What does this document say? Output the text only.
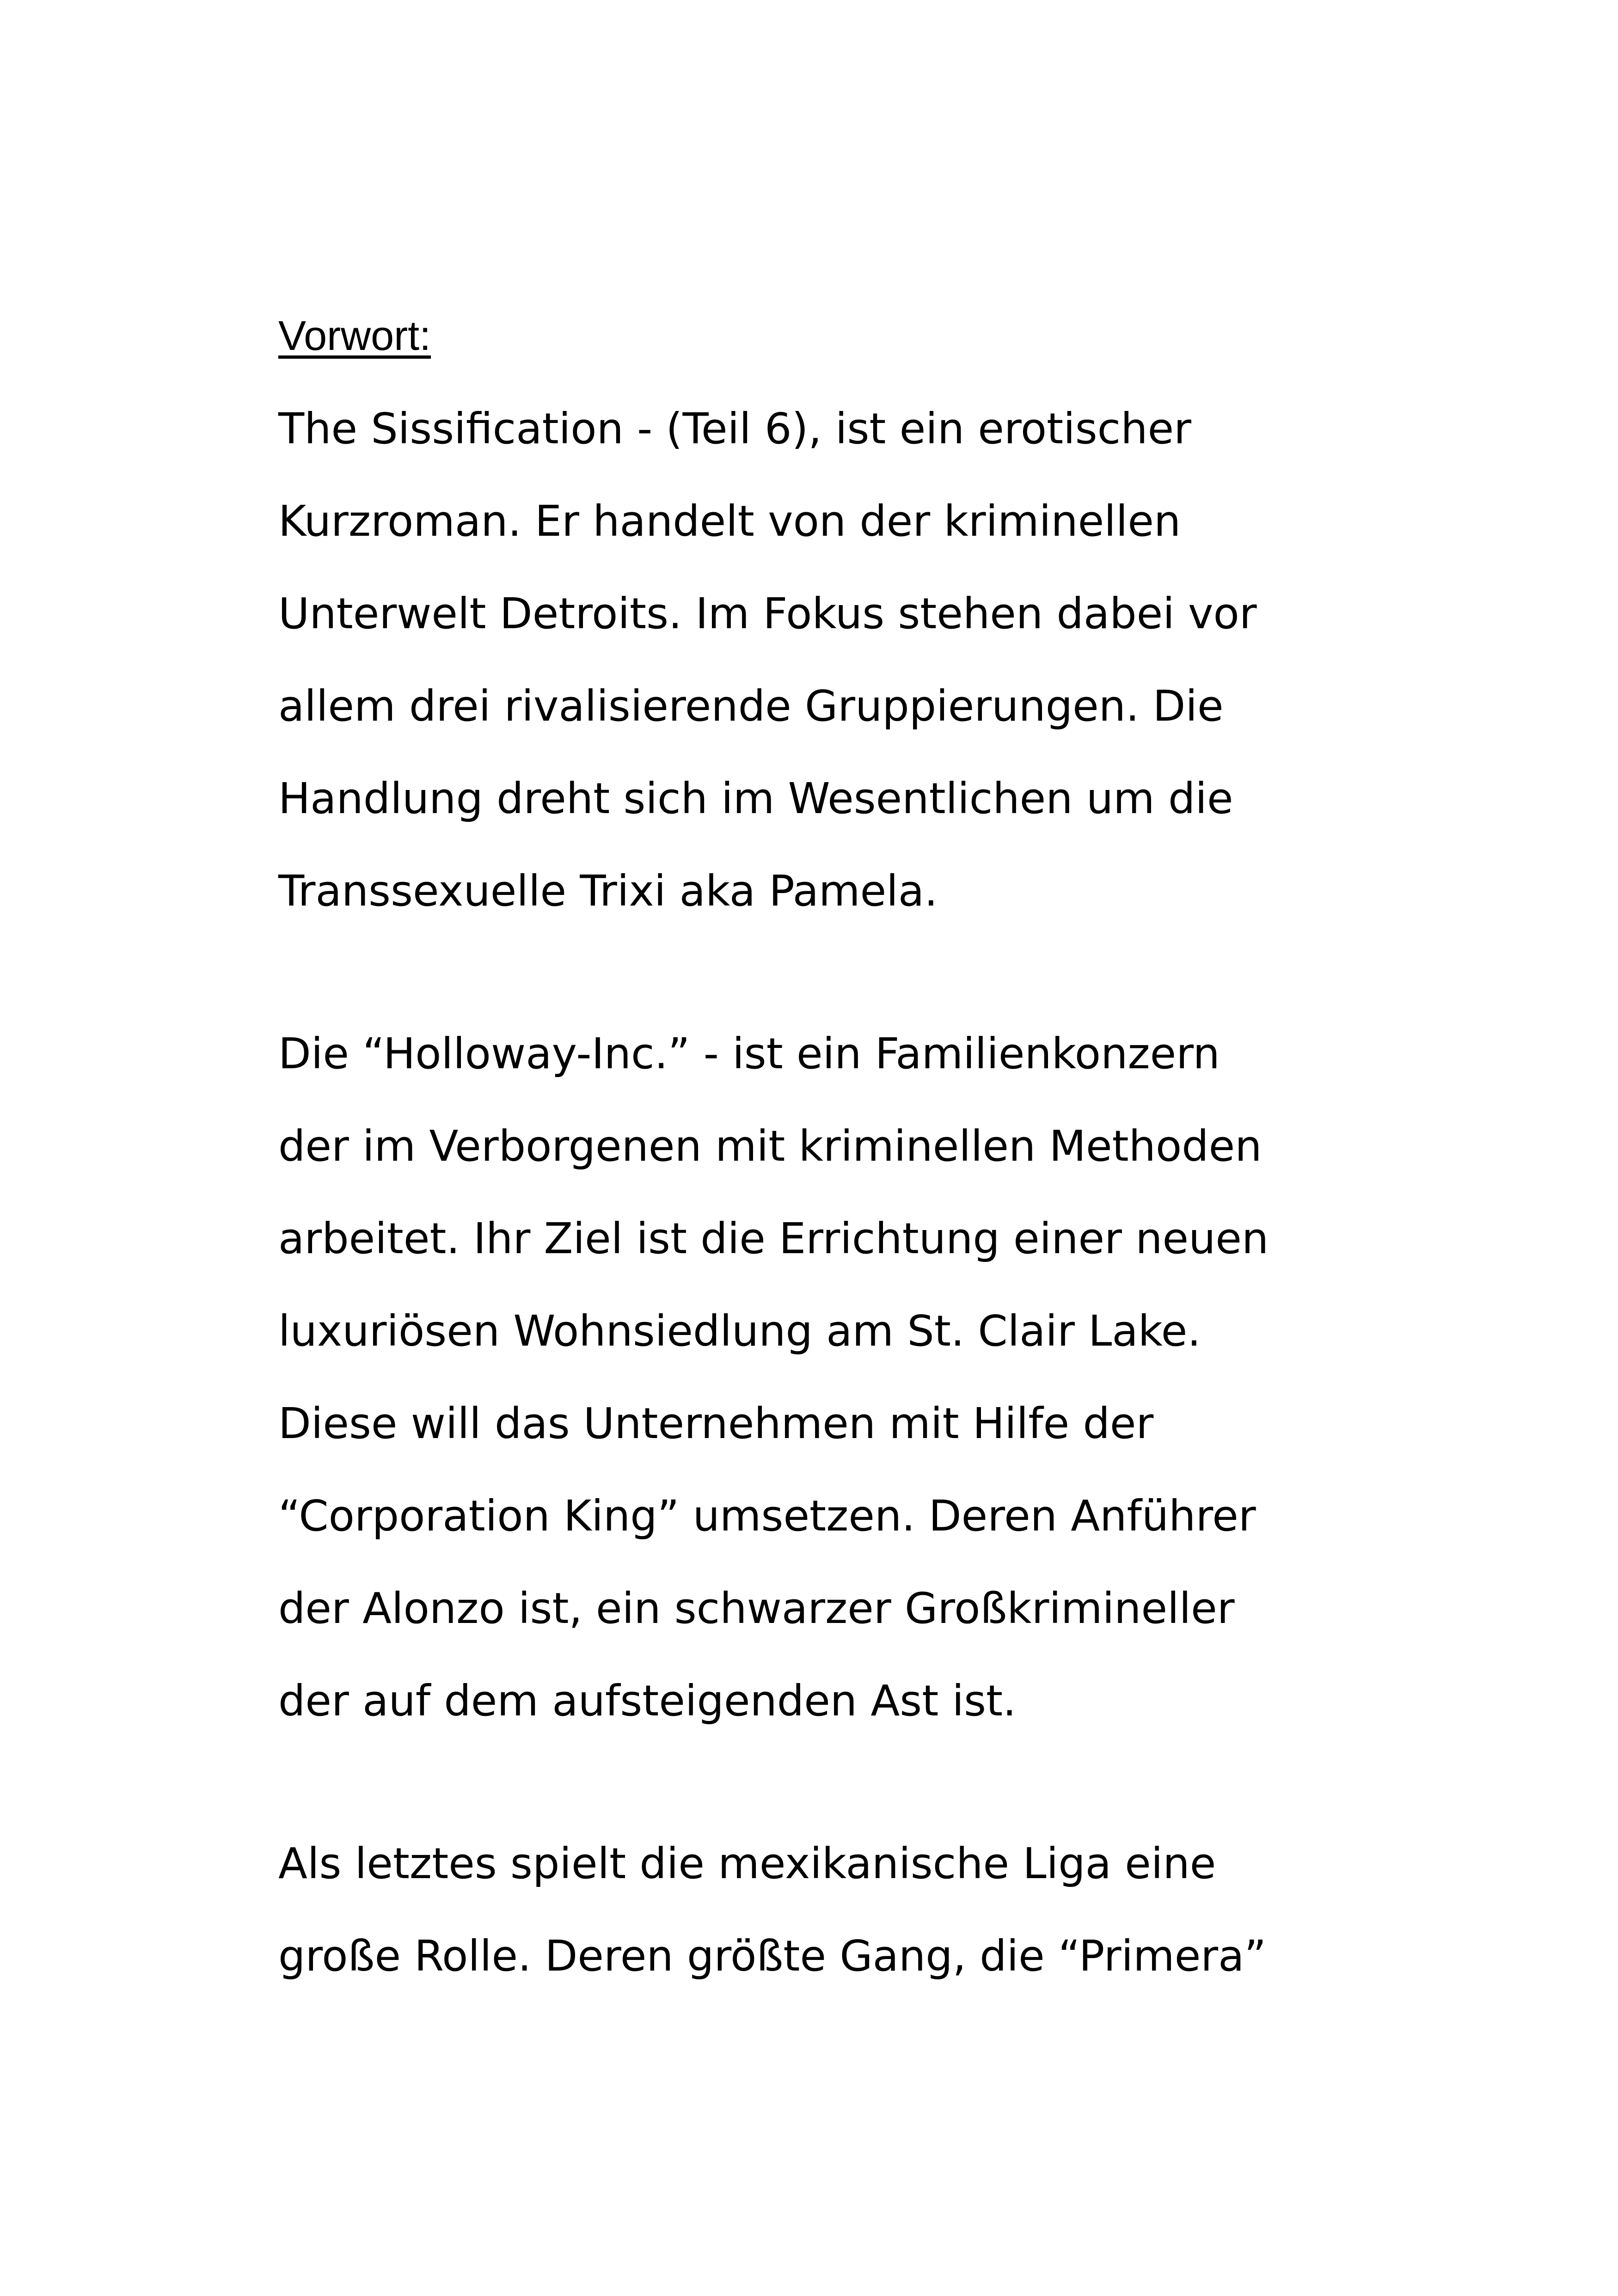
Vorwort:
The Sissification - (Teil 6), ist ein erotischer
Kurzroman. Er handelt von der kriminellen
Unterwelt Detroits. Im Fokus stehen dabei vor
allem drei rivalisierende Gruppierungen. Die
Handlung dreht sich im Wesentlichen um die
Transsexuelle Trixi aka Pamela.
Die “Holloway-Inc.” - ist ein Familienkonzern
der im Verborgenen mit kriminellen Methoden
arbeitet. Ihr Ziel ist die Errichtung einer neuen
luxuriösen Wohnsiedlung am St. Clair Lake.
Diese will das Unternehmen mit Hilfe der
“Corporation King” umsetzen. Deren Anführer
der Alonzo ist, ein schwarzer Großkrimineller
der auf dem aufsteigenden Ast ist.
Als letztes spielt die mexikanische Liga eine
große Rolle. Deren größte Gang, die “Primera”
